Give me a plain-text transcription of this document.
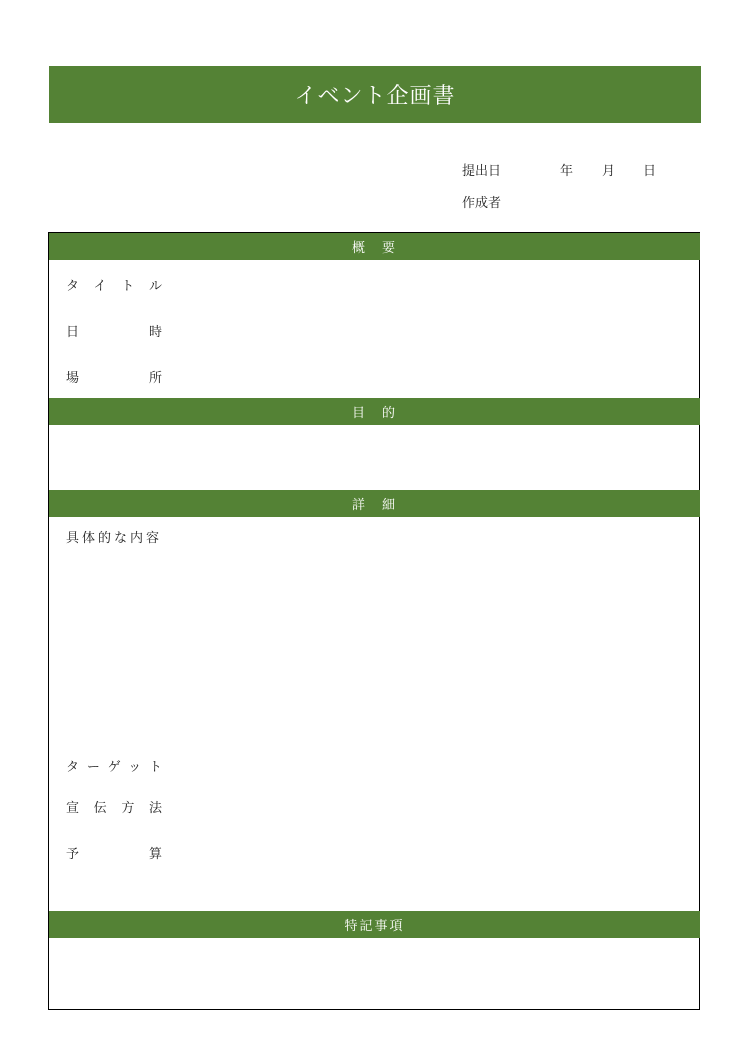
イベント企画書
提出日	年 月 日
作成者
概　要
タイトル
日時
場所
目　的
詳　細
具体的な内容
ターゲット
宣伝方法
予算
特記事項
